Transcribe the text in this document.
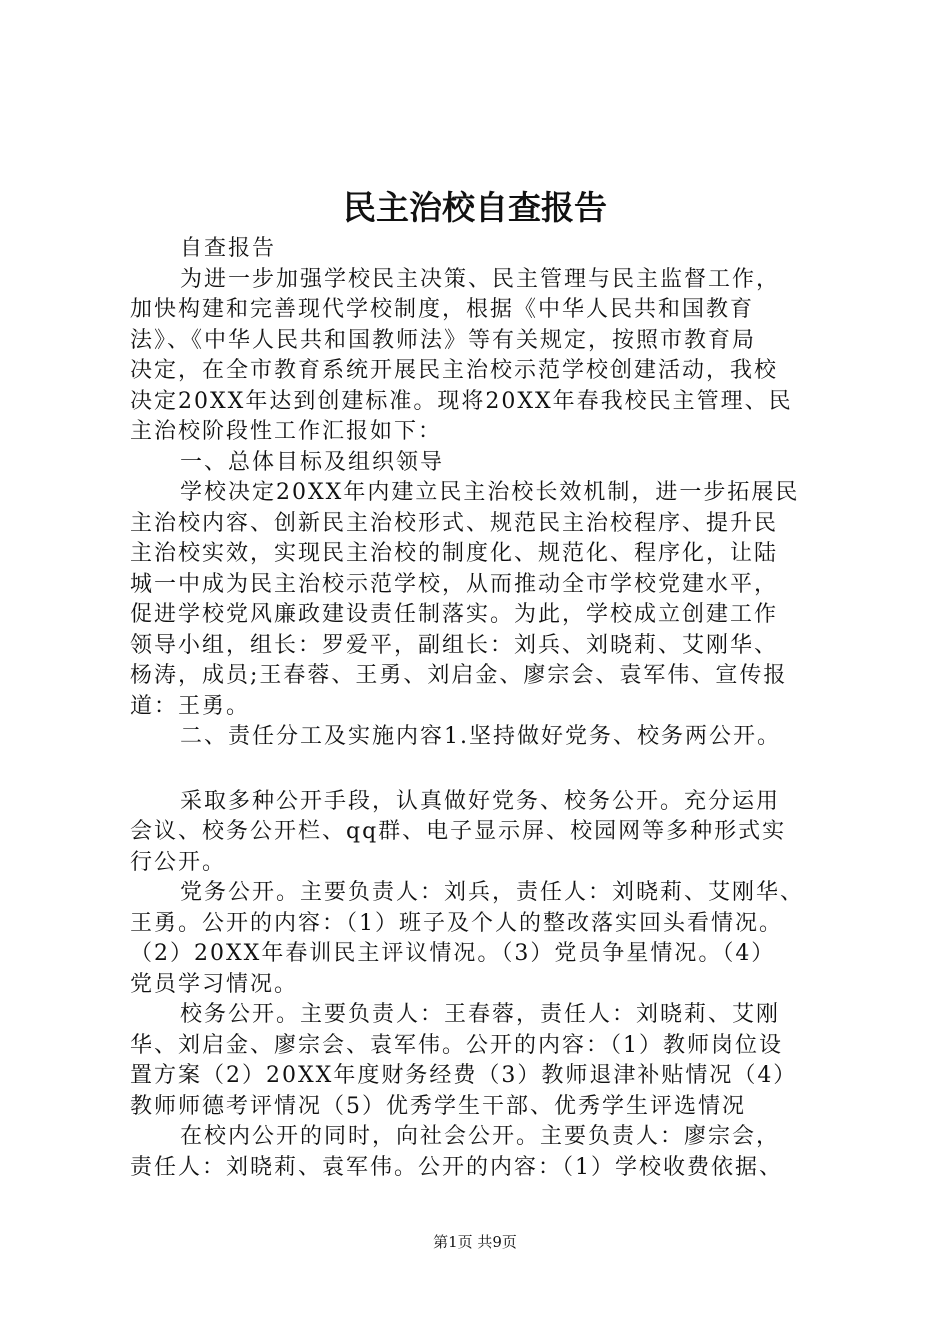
民主治校自查报告
自查报告
为进一步加强学校民主决策、民主管理与民主监督工作，
加快构建和完善现代学校制度，根据《中华人民共和国教育
法》、《中华人民共和国教师法》等有关规定，按照市教育局
决定，在全市教育系统开展民主治校示范学校创建活动，我校
决定20XX年达到创建标准。现将20XX年春我校民主管理、民
主治校阶段性工作汇报如下：
一、总体目标及组织领导
学校决定20XX年内建立民主治校长效机制，进一步拓展民
主治校内容、创新民主治校形式、规范民主治校程序、提升民
主治校实效，实现民主治校的制度化、规范化、程序化，让陆
城一中成为民主治校示范学校，从而推动全市学校党建水平，
促进学校党风廉政建设责任制落实。为此，学校成立创建工作
领导小组，组长：罗爱平，副组长：刘兵、刘晓莉、艾刚华、
杨涛，成员;王春蓉、王勇、刘启金、廖宗会、袁军伟、宣传报
道：王勇。
二、责任分工及实施内容1.坚持做好党务、校务两公开。
采取多种公开手段，认真做好党务、校务公开。充分运用
会议、校务公开栏、qq群、电子显示屏、校园网等多种形式实
行公开。
党务公开。主要负责人：刘兵，责任人：刘晓莉、艾刚华、
王勇。公开的内容：（1）班子及个人的整改落实回头看情况。
（2）20XX年春训民主评议情况。（3）党员争星情况。（4）
党员学习情况。
校务公开。主要负责人：王春蓉，责任人：刘晓莉、艾刚
华、刘启金、廖宗会、袁军伟。公开的内容：（1）教师岗位设
置方案（2）20XX年度财务经费（3）教师退津补贴情况（4）
教师师德考评情况（5）优秀学生干部、优秀学生评选情况
在校内公开的同时，向社会公开。主要负责人：廖宗会，
责任人：刘晓莉、袁军伟。公开的内容：（1）学校收费依据、
第1页 共9页
